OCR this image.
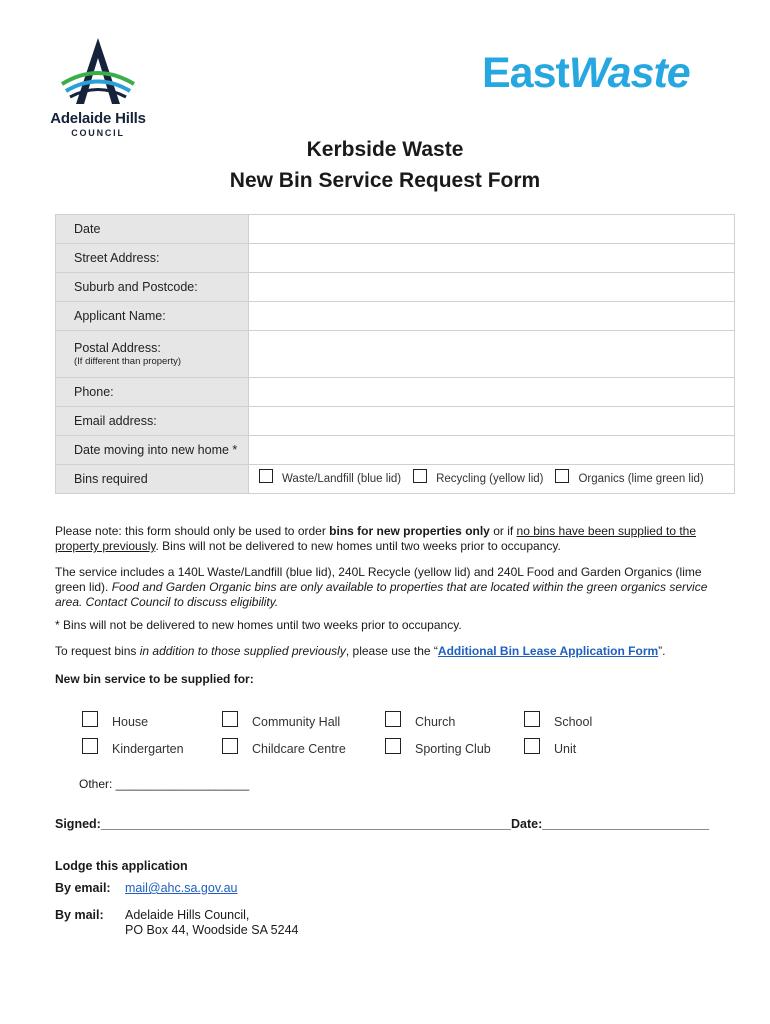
Adelaide Hills
COUNCIL
EastWaste
Kerbside Waste
New Bin Service Request Form
Date	
Street Address:	
Suburb and Postcode:	
Applicant Name:	
Postal Address:
(If different than property)	

Phone:	
Email address:	
Date moving into new home *	
Bins required	Waste/Landfill (blue lid) Recycling (yellow lid) Organics (lime green lid)
Please note: this form should only be used to order bins for new properties only or if no bins have been supplied to the property previously. Bins will not be delivered to new homes until two weeks prior to occupancy.
The service includes a 140L Waste/Landfill (blue lid), 240L Recycle (yellow lid) and 240L Food and Garden Organics (lime green lid). Food and Garden Organic bins are only available to properties that are located within the green organics service area. Contact Council to discuss eligibility.
* Bins will not be delivered to new homes until two weeks prior to occupancy.
To request bins in addition to those supplied previously, please use the “Additional Bin Lease Application Form”.
New bin service to be supplied for:
House	Community Hall	Church	School
Kindergarten	Childcare Centre	Sporting Club	Unit
Other: ____________________
Signed:___________________________________________________________Date:________________________
Lodge this application
By email: mail@ahc.sa.gov.au
By mail: Adelaide Hills Council,
PO Box 44, Woodside SA 5244
